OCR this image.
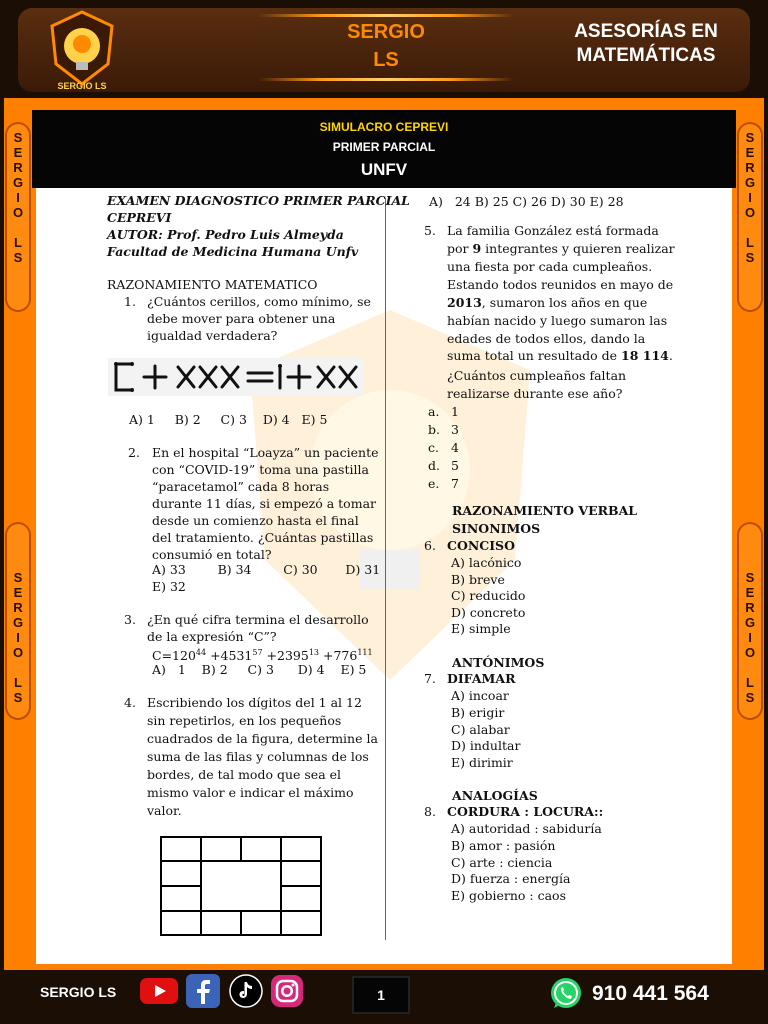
SERGIO LS
SERGIO
LS
ASESORÍAS EN
MATEMÁTICAS
S
E
R
G
I
O
L
S
S
E
R
G
I
O
L
S
S
E
R
G
I
O
L
S
S
E
R
G
I
O
L
S
SIMULACRO CEPREVI
PRIMER PARCIAL
UNFV
EXAMEN DIAGNOSTICO PRIMER PARCIAL
CEPREVI
AUTOR: Prof. Pedro Luis Almeyda
Facultad de Medicina Humana Unfv
RAZONAMIENTO MATEMATICO
1. ¿Cuántos cerillos, como mínimo, se
debe mover para obtener una
igualdad verdadera?
A) 1     B) 2     C) 3    D) 4   E) 5
2. En el hospital “Loayza” un paciente
con “COVID-19” toma una pastilla
“paracetamol” cada 8 horas
durante 11 días, si empezó a tomar
desde un comienzo hasta el final
del tratamiento. ¿Cuántas pastillas
consumió en total?
A) 33        B) 34        C) 30       D) 31
E) 32
3. ¿En qué cifra termina el desarrollo
de la expresión “C”?
$C=120^{44} +4531^{57} +2395^{13} +776^{111}$
A)   1    B) 2     C) 3      D) 4    E) 5
4. Escribiendo los dígitos del 1 al 12
sin repetirlos, en los pequeños
cuadrados de la figura, determine la
suma de las filas y columnas de los
bordes, de tal modo que sea el
mismo valor e indicar el máximo
valor.
A)   24 B) 25 C) 26 D) 30 E) 28
5. La familia González está formada
por 9 integrantes y quieren realizar
una fiesta por cada cumpleaños.
Estando todos reunidos en mayo de
2013, sumaron los años en que
habían nacido y luego sumaron las
edades de todos ellos, dando la
suma total un resultado de 18 114.
¿Cuántos cumpleaños faltan
realizarse durante ese año?
a. 1
b. 3
c. 4
d. 5
e. 7
RAZONAMIENTO VERBAL
SINONIMOS
6. CONCISO
A) lacónico
B) breve
C) reducido
D) concreto
E) simple
ANTÓNIMOS
7. DIFAMAR
A) incoar
B) erigir
C) alabar
D) indultar
E) dirimir
ANALOGÍAS
8. CORDURA : LOCURA::
A) autoridad : sabiduría
B) amor : pasión
C) arte : ciencia
D) fuerza : energía
E) gobierno : caos
SERGIO LS	1	910 441 564
